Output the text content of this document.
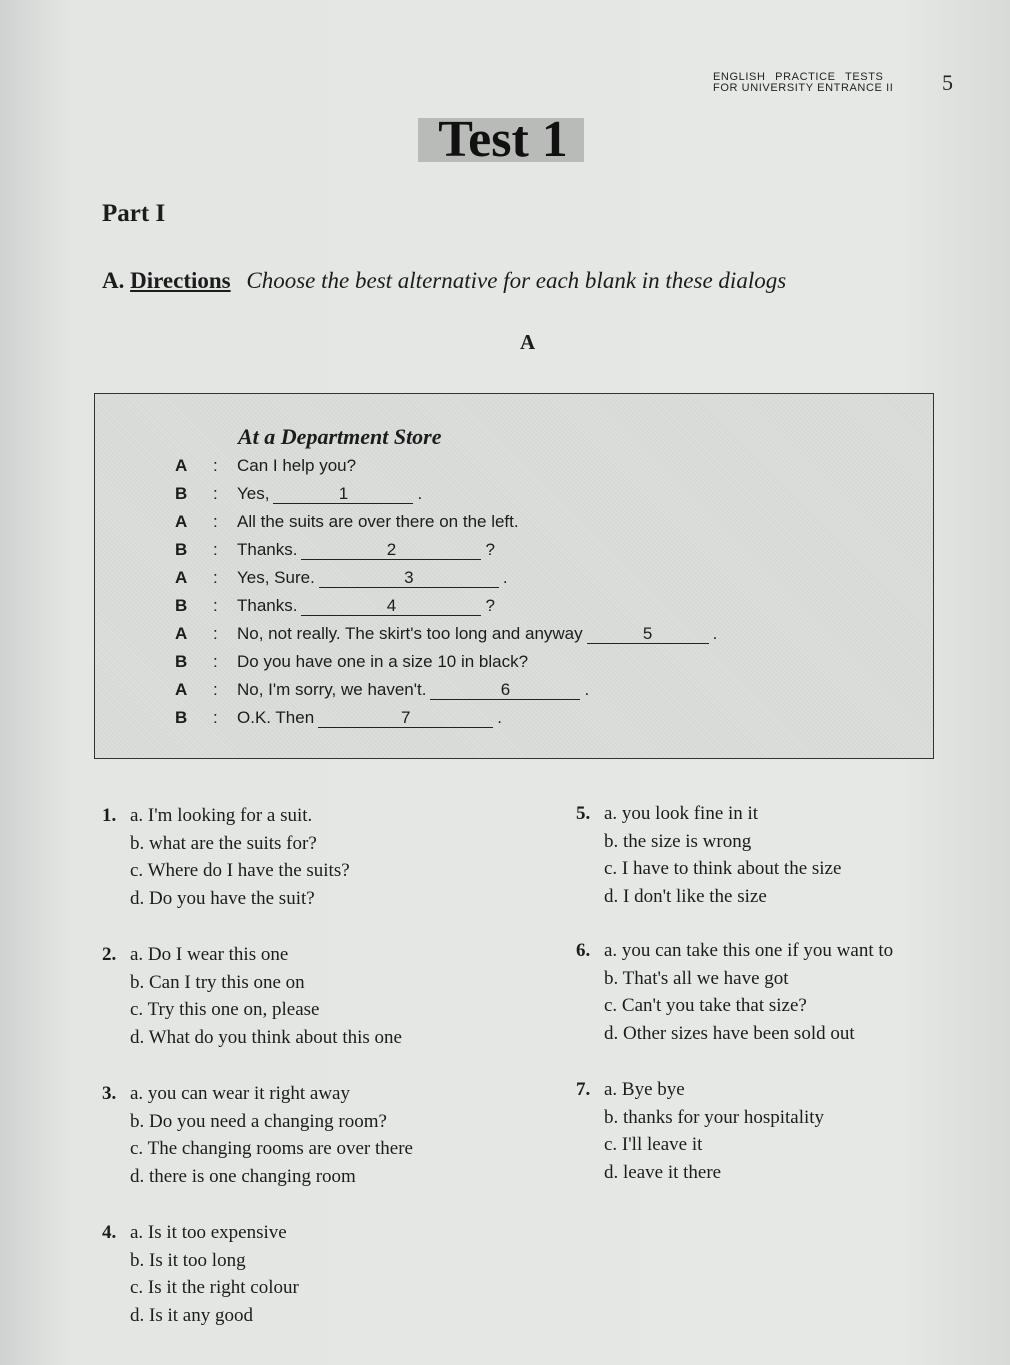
ENGLISH PRACTICE TESTS
FOR UNIVERSITY ENTRANCE II 5
Test 1
Part I
A. Directions Choose the best alternative for each blank in these dialogs
A
At a Department Store
A	:	Can I help you?
B	:	Yes,	1	.
A	:	All the suits are over there on the left.
B	:	Thanks.	2	?
A	:	Yes, Sure.	3	.
B	:	Thanks.	4	?
A	:	No, not really. The skirt's too long and anyway	5	.
B	:	Do you have one in a size 10 in black?
A	:	No, I'm sorry, we haven't.	6	.
B	:	O.K. Then	7	.
1. a. I'm looking for a suit.
b. what are the suits for?
c. Where do I have the suits?
d. Do you have the suit?
2. a. Do I wear this one
b. Can I try this one on
c. Try this one on, please
d. What do you think about this one
3. a. you can wear it right away
b. Do you need a changing room?
c. The changing rooms are over there
d. there is one changing room
4. a. Is it too expensive
b. Is it too long
c. Is it the right colour
d. Is it any good
5. a. you look fine in it
b. the size is wrong
c. I have to think about the size
d. I don't like the size
6. a. you can take this one if you want to
b. That's all we have got
c. Can't you take that size?
d. Other sizes have been sold out
7. a. Bye bye
b. thanks for your hospitality
c. I'll leave it
d. leave it there
